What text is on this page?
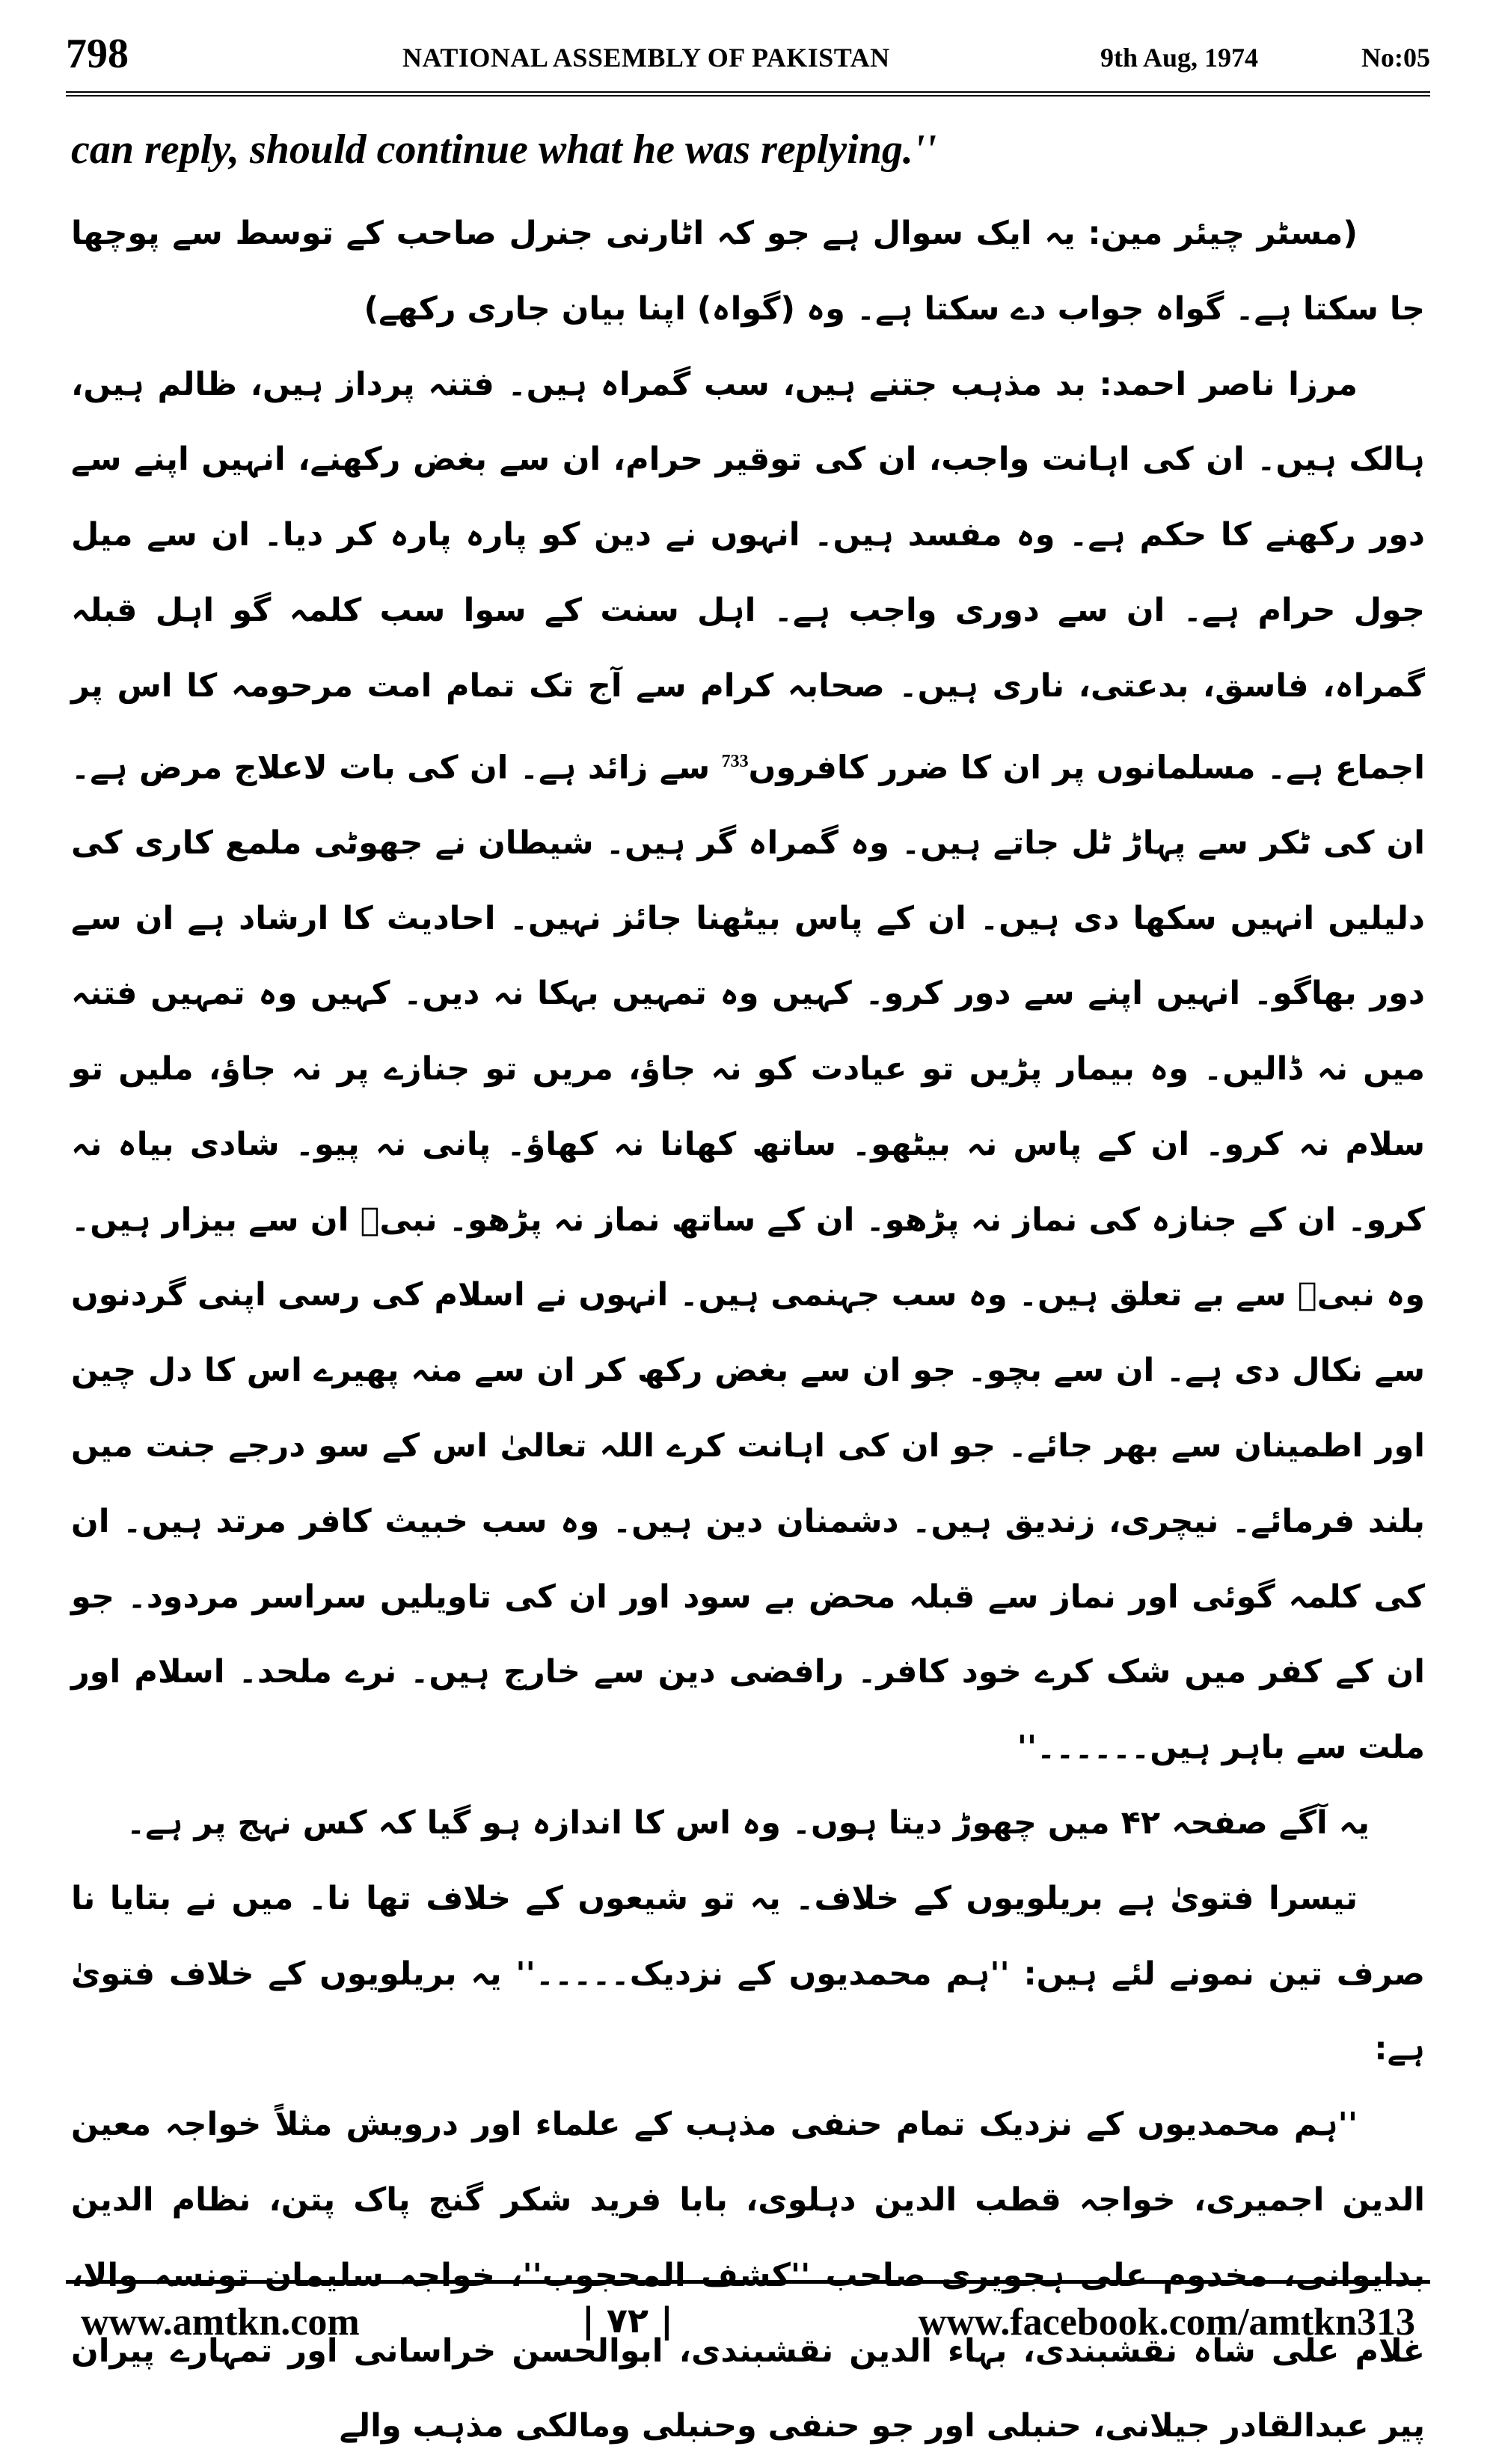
798	NATIONAL ASSEMBLY OF PAKISTAN	9th Aug, 1974	No:05
can reply, should continue what he was replying.''

(مسٹر چیئر مین: یہ ایک سوال ہے جو کہ اٹارنی جنرل صاحب کے توسط سے پوچھا جا سکتا ہے۔ گواہ جواب دے سکتا ہے۔ وہ (گواہ) اپنا بیان جاری رکھے)

مرزا ناصر احمد: بد مذہب جتنے ہیں، سب گمراہ ہیں۔ فتنہ پرداز ہیں، ظالم ہیں، ہالک ہیں۔ ان کی اہانت واجب، ان کی توقیر حرام، ان سے بغض رکھنے، انہیں اپنے سے دور رکھنے کا حکم ہے۔ وہ مفسد ہیں۔ انہوں نے دین کو پارہ پارہ کر دیا۔ ان سے میل جول حرام ہے۔ ان سے دوری واجب ہے۔ اہل سنت کے سوا سب کلمہ گو اہل قبلہ گمراہ، فاسق، بدعتی، ناری ہیں۔ صحابہ کرام سے آج تک تمام امت مرحومہ کا اس پر اجماع ہے۔ مسلمانوں پر ان کا ضرر کافروں$^{733}$ سے زائد ہے۔ ان کی بات لاعلاج مرض ہے۔ ان کی ٹکر سے پہاڑ ٹل جاتے ہیں۔ وہ گمراہ گر ہیں۔ شیطان نے جھوٹی ملمع کاری کی دلیلیں انہیں سکھا دی ہیں۔ ان کے پاس بیٹھنا جائز نہیں۔ احادیث کا ارشاد ہے ان سے دور بھاگو۔ انہیں اپنے سے دور کرو۔ کہیں وہ تمہیں بہکا نہ دیں۔ کہیں وہ تمہیں فتنہ میں نہ ڈالیں۔ وہ بیمار پڑیں تو عیادت کو نہ جاؤ، مریں تو جنازے پر نہ جاؤ، ملیں تو سلام نہ کرو۔ ان کے پاس نہ بیٹھو۔ ساتھ کھانا نہ کھاؤ۔ پانی نہ پیو۔ شادی بیاہ نہ کرو۔ ان کے جنازہ کی نماز نہ پڑھو۔ ان کے ساتھ نماز نہ پڑھو۔ نبیؐ ان سے بیزار ہیں۔ وہ نبیؐ سے بے تعلق ہیں۔ وہ سب جہنمی ہیں۔ انہوں نے اسلام کی رسی اپنی گردنوں سے نکال دی ہے۔ ان سے بچو۔ جو ان سے بغض رکھ کر ان سے منہ پھیرے اس کا دل چین اور اطمینان سے بھر جائے۔ جو ان کی اہانت کرے اللہ تعالیٰ اس کے سو درجے جنت میں بلند فرمائے۔ نیچری، زندیق ہیں۔ دشمنان دین ہیں۔ وہ سب خبیث کافر مرتد ہیں۔ ان کی کلمہ گوئی اور نماز سے قبلہ محض بے سود اور ان کی تاویلیں سراسر مردود۔ جو ان کے کفر میں شک کرے خود کافر۔ رافضی دین سے خارج ہیں۔ نرے ملحد۔ اسلام اور ملت سے باہر ہیں۔۔۔۔۔۔''

یہ آگے صفحہ ۴۲ میں چھوڑ دیتا ہوں۔ وہ اس کا اندازہ ہو گیا کہ کس نہج پر ہے۔

تیسرا فتویٰ ہے بریلویوں کے خلاف۔ یہ تو شیعوں کے خلاف تھا نا۔ میں نے بتایا نا صرف تین نمونے لئے ہیں: ''ہم محمدیوں کے نزدیک۔۔۔۔۔'' یہ بریلویوں کے خلاف فتویٰ ہے:

''ہم محمدیوں کے نزدیک تمام حنفی مذہب کے علماء اور درویش مثلاً خواجہ معین الدین اجمیری، خواجہ قطب الدین دہلوی، بابا فرید شکر گنج پاک پتن، نظام الدین بدایوانی، مخدوم علی ہجویری صاحب ''کشف المحجوب''، خواجہ سلیمان تونسہ والا، غلام علی شاہ نقشبندی، بہاء الدین نقشبندی، ابوالحسن خراسانی اور تمہارے پیران پیر عبدالقادر جیلانی، حنبلی اور جو حنفی وحنبلی ومالکی مذہب والے

www.amtkn.com	| ۷۲ |	www.facebook.com/amtkn313
